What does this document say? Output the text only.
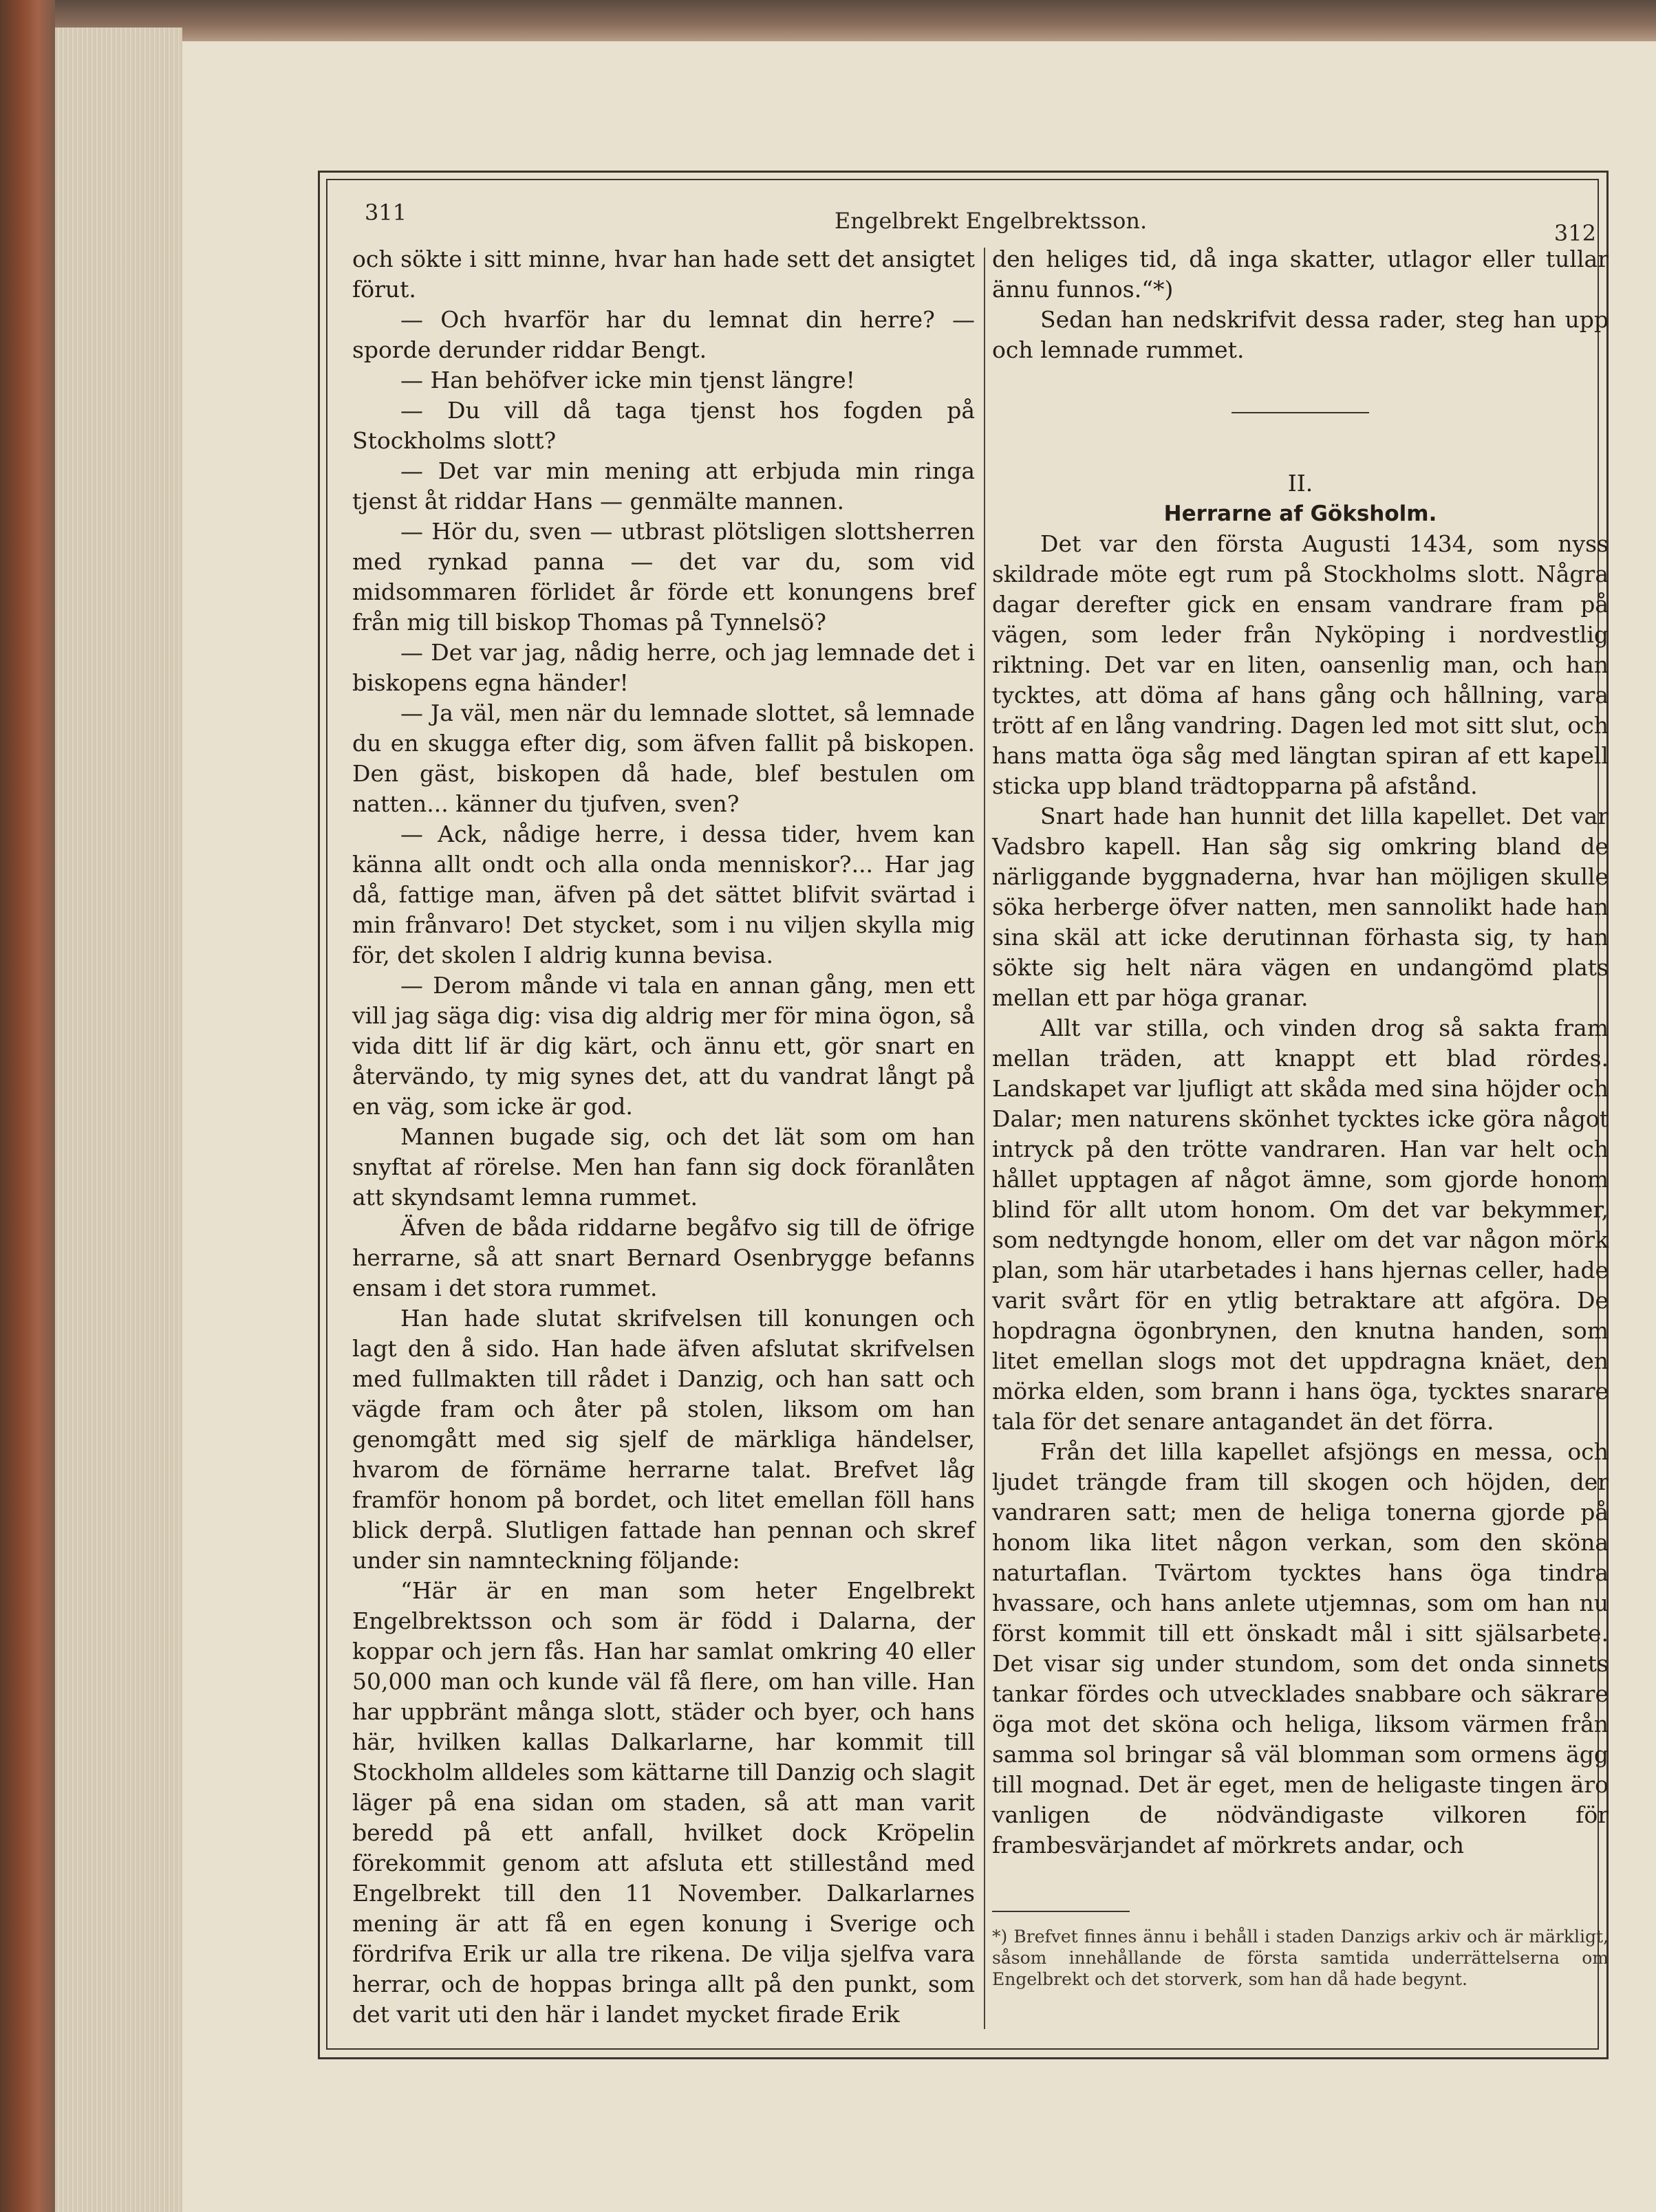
311	Engelbrekt Engelbrektsson.	312

och sökte i sitt minne, hvar han hade sett det ansigtet förut.

— Och hvarför har du lemnat din herre? — sporde derunder riddar Bengt.

— Han behöfver icke min tjenst längre!

— Du vill då taga tjenst hos fogden på Stockholms slott?

— Det var min mening att erbjuda min ringa tjenst åt riddar Hans — genmälte mannen.

— Hör du, sven — utbrast plötsligen slottsherren med rynkad panna — det var du, som vid midsommaren förlidet år förde ett konungens bref från mig till biskop Thomas på Tynnelsö?

— Det var jag, nådig herre, och jag lemnade det i biskopens egna händer!

— Ja väl, men när du lemnade slottet, så lemnade du en skugga efter dig, som äfven fallit på biskopen. Den gäst, biskopen då hade, blef bestulen om natten... känner du tjufven, sven?

— Ack, nådige herre, i dessa tider, hvem kan känna allt ondt och alla onda menniskor?... Har jag då, fattige man, äfven på det sättet blifvit svärtad i min frånvaro! Det stycket, som i nu viljen skylla mig för, det skolen I aldrig kunna bevisa.

— Derom månde vi tala en annan gång, men ett vill jag säga dig: visa dig aldrig mer för mina ögon, så vida ditt lif är dig kärt, och ännu ett, gör snart en återvändo, ty mig synes det, att du vandrat långt på en väg, som icke är god.

Mannen bugade sig, och det lät som om han snyftat af rörelse. Men han fann sig dock föranlåten att skyndsamt lemna rummet.

Äfven de båda riddarne begåfvo sig till de öfrige herrarne, så att snart Bernard Osenbrygge befanns ensam i det stora rummet.

Han hade slutat skrifvelsen till konungen och lagt den å sido. Han hade äfven afslutat skrifvelsen med fullmakten till rådet i Danzig, och han satt och vägde fram och åter på stolen, liksom om han genomgått med sig sjelf de märkliga händelser, hvarom de förnäme herrarne talat. Brefvet låg framför honom på bordet, och litet emellan föll hans blick derpå. Slutligen fattade han pennan och skref under sin namnteckning följande:

“Här är en man som heter Engelbrekt Engelbrektsson och som är född i Dalarna, der koppar och jern fås. Han har samlat omkring 40 eller 50,000 man och kunde väl få flere, om han ville. Han har uppbränt många slott, städer och byer, och hans här, hvilken kallas Dalkarlarne, har kommit till Stockholm alldeles som kättarne till Danzig och slagit läger på ena sidan om staden, så att man varit beredd på ett anfall, hvilket dock Kröpelin förekommit genom att afsluta ett stillestånd med Engelbrekt till den 11 November. Dalkarlarnes mening är att få en egen konung i Sverige och fördrifva Erik ur alla tre rikena. De vilja sjelfva vara herrar, och de hoppas bringa allt på den punkt, som det varit uti den här i landet mycket firade Erik

den heliges tid, då inga skatter, utlagor eller tullar ännu funnos.“*)

Sedan han nedskrifvit dessa rader, steg han upp och lemnade rummet.

II.

Herrarne af Göksholm.

Det var den första Augusti 1434, som nyss skildrade möte egt rum på Stockholms slott. Några dagar derefter gick en ensam vandrare fram på vägen, som leder från Nyköping i nordvestlig riktning. Det var en liten, oansenlig man, och han tycktes, att döma af hans gång och hållning, vara trött af en lång vandring. Dagen led mot sitt slut, och hans matta öga såg med längtan spiran af ett kapell sticka upp bland trädtopparna på afstånd.

Snart hade han hunnit det lilla kapellet. Det var Vadsbro kapell. Han såg sig omkring bland de närliggande byggnaderna, hvar han möjligen skulle söka herberge öfver natten, men sannolikt hade han sina skäl att icke derutinnan förhasta sig, ty han sökte sig helt nära vägen en undangömd plats mellan ett par höga granar.

Allt var stilla, och vinden drog så sakta fram mellan träden, att knappt ett blad rördes. Landskapet var ljufligt att skåda med sina höjder och Dalar; men naturens skönhet tycktes icke göra något intryck på den trötte vandraren. Han var helt och hållet upptagen af något ämne, som gjorde honom blind för allt utom honom. Om det var bekymmer, som nedtyngde honom, eller om det var någon mörk plan, som här utarbetades i hans hjernas celler, hade varit svårt för en ytlig betraktare att afgöra. De hopdragna ögonbrynen, den knutna handen, som litet emellan slogs mot det uppdragna knäet, den mörka elden, som brann i hans öga, tycktes snarare tala för det senare antagandet än det förra.

Från det lilla kapellet afsjöngs en messa, och ljudet trängde fram till skogen och höjden, der vandraren satt; men de heliga tonerna gjorde på honom lika litet någon verkan, som den sköna naturtaflan. Tvärtom tycktes hans öga tindra hvassare, och hans anlete utjemnas, som om han nu först kommit till ett önskadt mål i sitt själsarbete. Det visar sig under stundom, som det onda sinnets tankar fördes och utvecklades snabbare och säkrare öga mot det sköna och heliga, liksom värmen från samma sol bringar så väl blomman som ormens ägg till mognad. Det är eget, men de heligaste tingen äro vanligen de nödvändigaste vilkoren för frambesvärjandet af mörkrets andar, och

*) Brefvet finnes ännu i behåll i staden Danzigs arkiv och är märkligt, såsom innehållande de första samtida underrättelserna om Engelbrekt och det storverk, som han då hade begynt.
